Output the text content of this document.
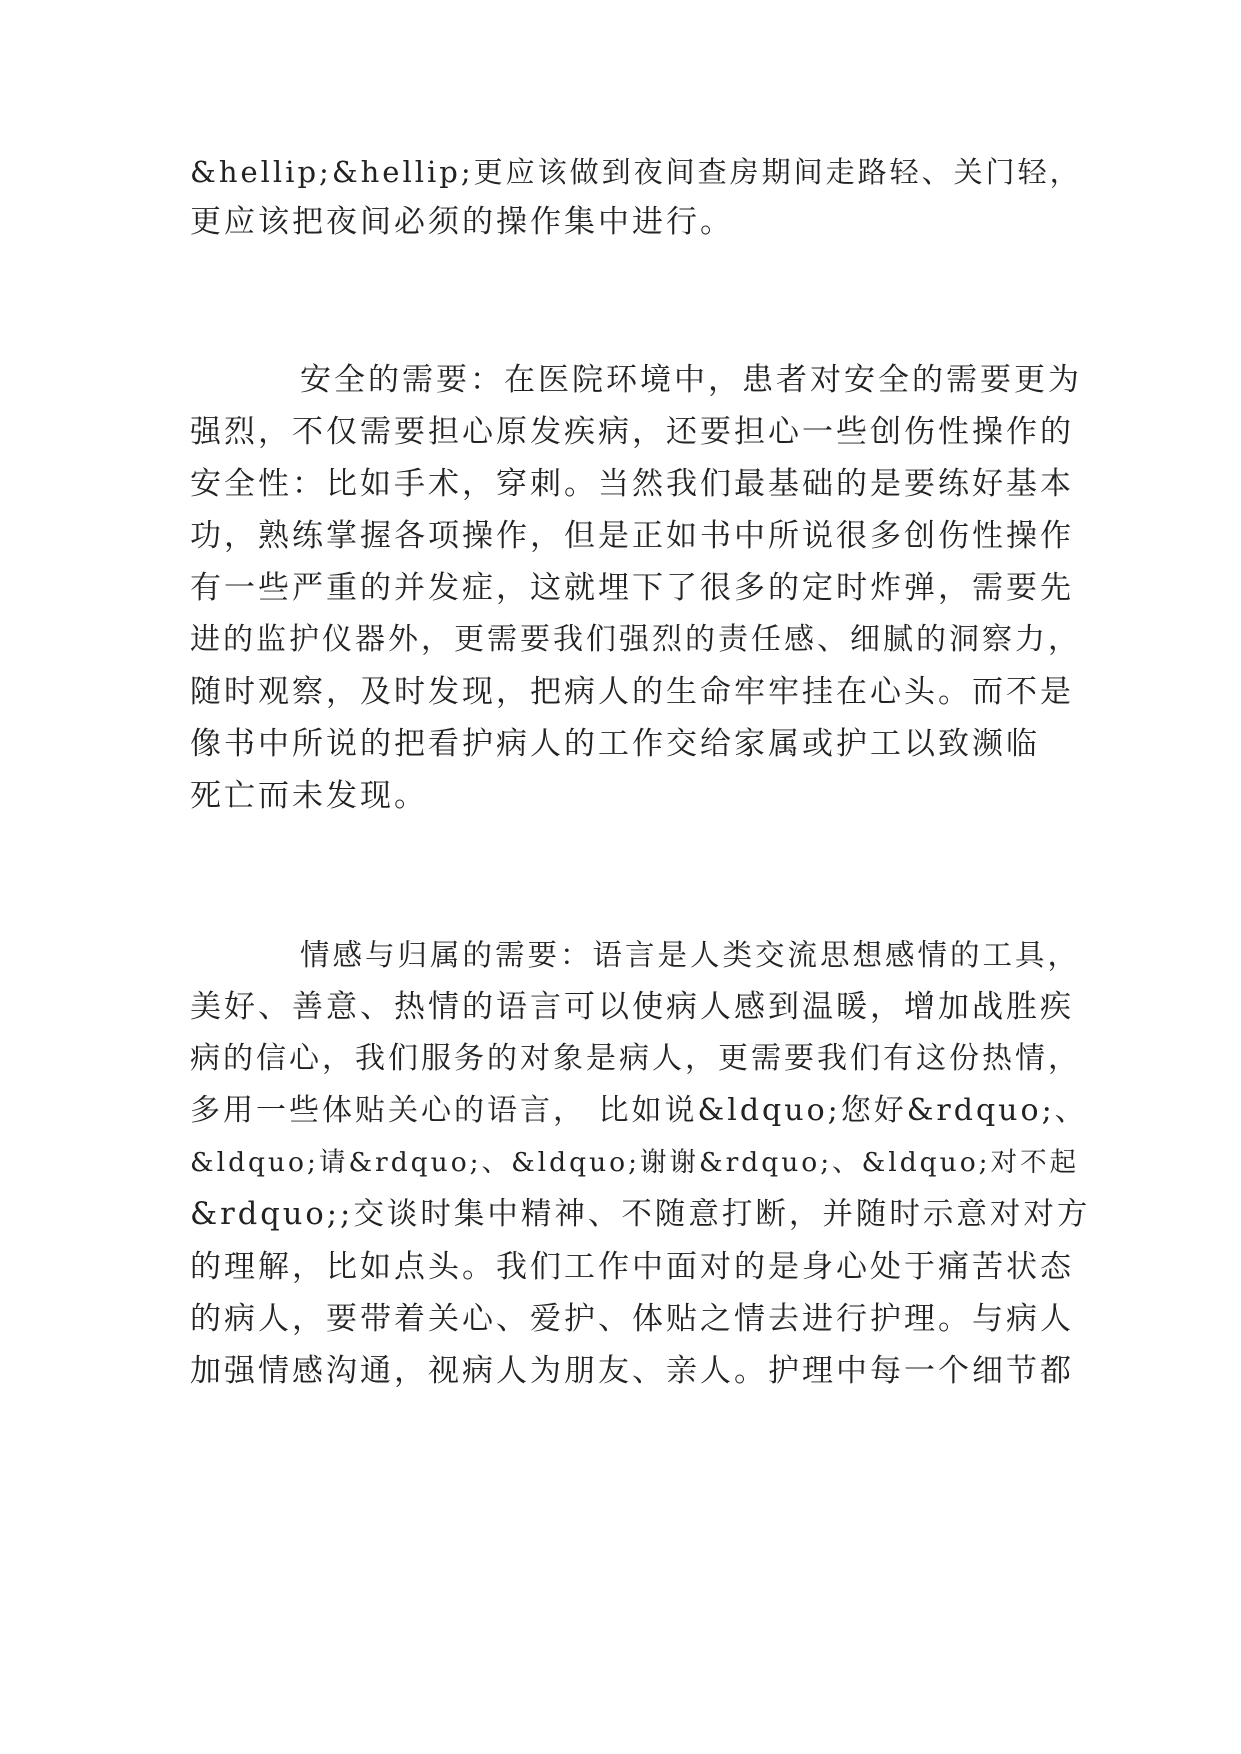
&hellip;&hellip;更应该做到夜间查房期间走路轻、关门轻，
更应该把夜间必须的操作集中进行。
安全的需要：在医院环境中，患者对安全的需要更为
强烈，不仅需要担心原发疾病，还要担心一些创伤性操作的
安全性：比如手术，穿刺。当然我们最基础的是要练好基本
功，熟练掌握各项操作，但是正如书中所说很多创伤性操作
有一些严重的并发症，这就埋下了很多的定时炸弹，需要先
进的监护仪器外，更需要我们强烈的责任感、细腻的洞察力，
随时观察，及时发现，把病人的生命牢牢挂在心头。而不是
像书中所说的把看护病人的工作交给家属或护工以致濒临
死亡而未发现。
情感与归属的需要：语言是人类交流思想感情的工具，
美好、善意、热情的语言可以使病人感到温暖，增加战胜疾
病的信心，我们服务的对象是病人，更需要我们有这份热情，
多用一些体贴关心的语言， 比如说&ldquo;您好&rdquo;、
&ldquo;请&rdquo;、&ldquo;谢谢&rdquo;、&ldquo;对不起
&rdquo;;交谈时集中精神、不随意打断，并随时示意对对方
的理解，比如点头。我们工作中面对的是身心处于痛苦状态
的病人，要带着关心、爱护、体贴之情去进行护理。与病人
加强情感沟通，视病人为朋友、亲人。护理中每一个细节都
